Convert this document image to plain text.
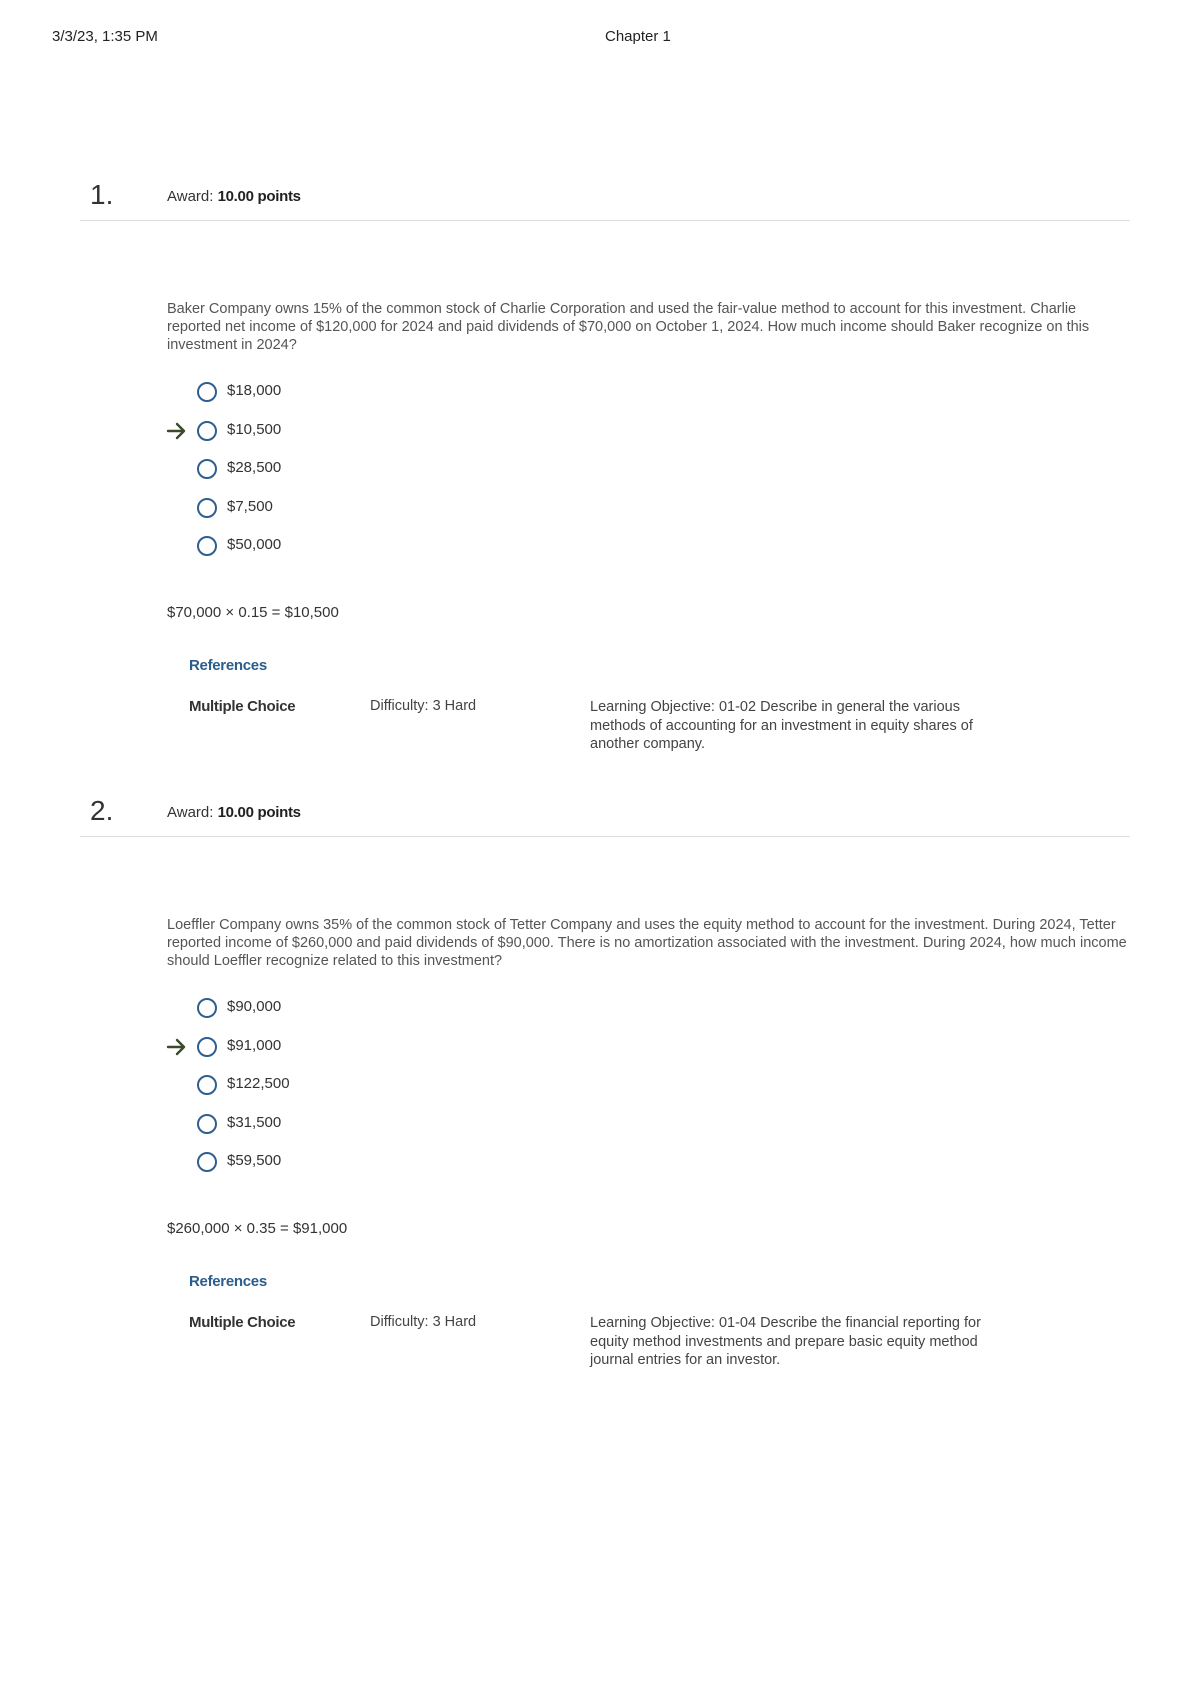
3/3/23, 1:35 PM	Chapter 1
1.	Award: 10.00 points

Baker Company owns 15% of the common stock of Charlie Corporation and used the fair-value method to account for this investment. Charlie reported net income of $120,000 for 2024 and paid dividends of $70,000 on October 1, 2024. How much income should Baker recognize on this investment in 2024?

$18,000
$10,500
$28,500
$7,500
$50,000
$70,000 × 0.15 = $10,500
References
Multiple Choice	Difficulty: 3 Hard	Learning Objective: 01-02 Describe in general the various methods of accounting for an investment in equity shares of another company.
2.	Award: 10.00 points

Loeffler Company owns 35% of the common stock of Tetter Company and uses the equity method to account for the investment. During 2024, Tetter reported income of $260,000 and paid dividends of $90,000. There is no amortization associated with the investment. During 2024, how much income should Loeffler recognize related to this investment?

$90,000
$91,000
$122,500
$31,500
$59,500
$260,000 × 0.35 = $91,000
References
Multiple Choice	Difficulty: 3 Hard	Learning Objective: 01-04 Describe the financial reporting for equity method investments and prepare basic equity method journal entries for an investor.
